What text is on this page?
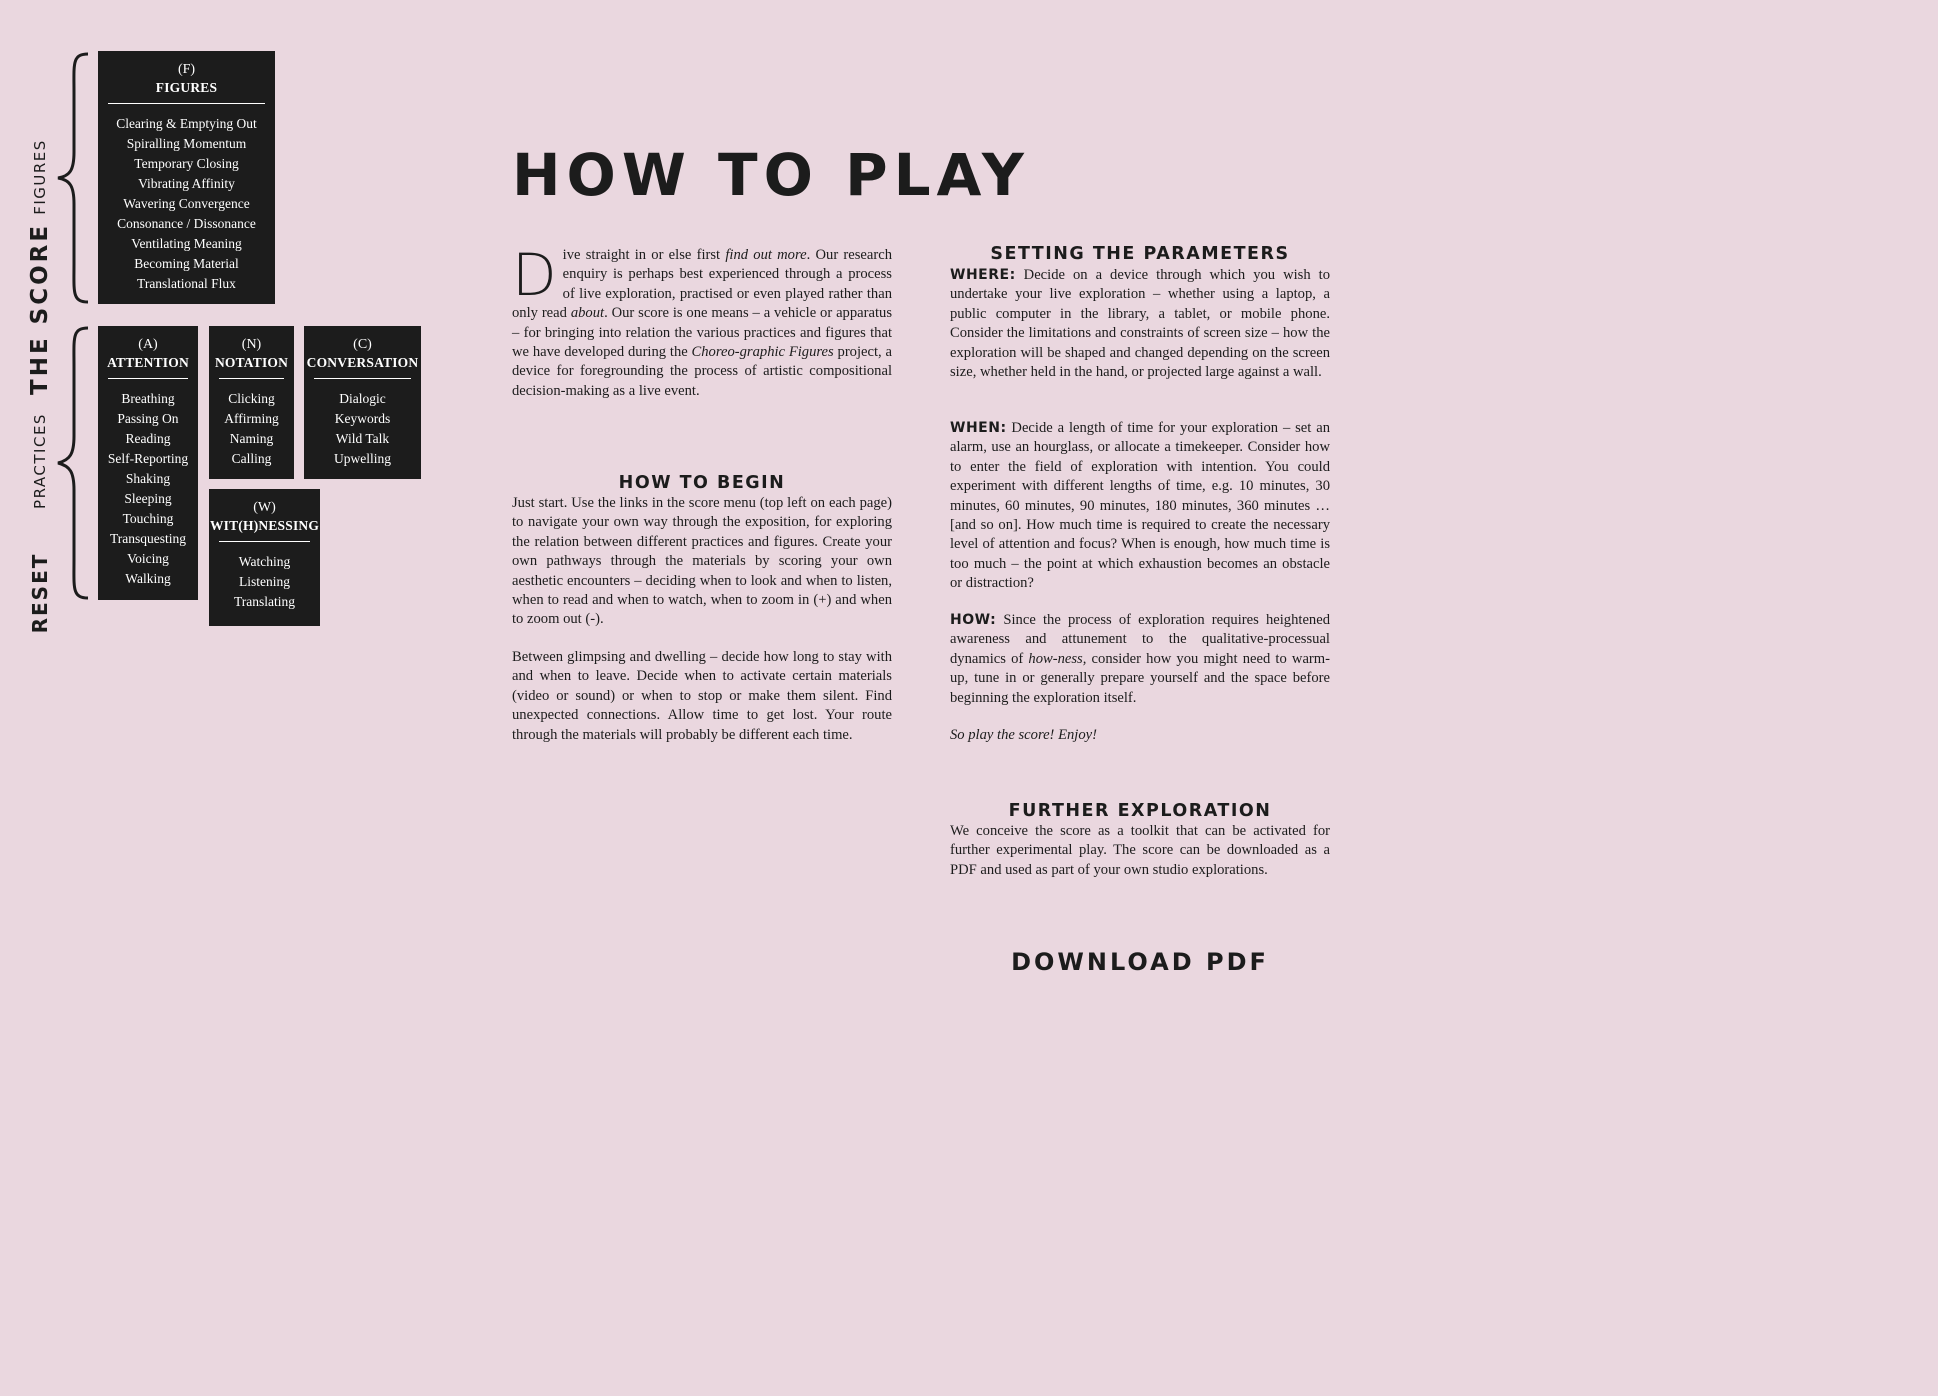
FIGURES
THE SCORE
PRACTICES
RESET
(F)
FIGURES
Clearing & Emptying Out
Spiralling Momentum
Temporary Closing
Vibrating Affinity
Wavering Convergence
Consonance / Dissonance
Ventilating Meaning
Becoming Material
Translational Flux
(A)
ATTENTION
Breathing
Passing On
Reading
Self-Reporting
Shaking
Sleeping
Touching
Transquesting
Voicing
Walking
(N)
NOTATION
Clicking
Affirming
Naming
Calling
(C)
CONVERSATION
Dialogic
Keywords
Wild Talk
Upwelling
(W)
WIT(H)NESSING
Watching
Listening
Translating
HOW TO PLAY

Dive straight in or else first find out more. Our research enquiry is perhaps best experienced through a process of live exploration, practised or even played rather than only read about. Our score is one means – a vehicle or apparatus – for bringing into relation the various practices and figures that we have developed during the Choreo-graphic Figures project, a device for foregrounding the process of artistic compositional decision-making as a live event.

HOW TO BEGIN

Just start. Use the links in the score menu (top left on each page) to navigate your own way through the exposition, for exploring the relation between different practices and figures. Create your own pathways through the materials by scoring your own aesthetic encounters – deciding when to look and when to listen, when to read and when to watch, when to zoom in (+) and when to zoom out (-).

Between glimpsing and dwelling – decide how long to stay with and when to leave. Decide when to activate certain materials (video or sound) or when to stop or make them silent. Find unexpected connections. Allow time to get lost. Your route through the materials will probably be different each time.

SETTING THE PARAMETERS

WHERE: Decide on a device through which you wish to undertake your live exploration – whether using a laptop, a public computer in the library, a tablet, or mobile phone. Consider the limitations and constraints of screen size – how the exploration will be shaped and changed depending on the screen size, whether held in the hand, or projected large against a wall.

WHEN: Decide a length of time for your exploration – set an alarm, use an hourglass, or allocate a timekeeper. Consider how to enter the field of exploration with intention. You could experiment with different lengths of time, e.g. 10 minutes, 30 minutes, 60 minutes, 90 minutes, 180 minutes, 360 minutes … [and so on]. How much time is required to create the necessary level of attention and focus? When is enough, how much time is too much – the point at which exhaustion becomes an obstacle or distraction?

HOW: Since the process of exploration requires heightened awareness and attunement to the qualitative-processual dynamics of how-ness, consider how you might need to warm-up, tune in or generally prepare yourself and the space before beginning the exploration itself.

So play the score! Enjoy!

FURTHER EXPLORATION

We conceive the score as a toolkit that can be activated for further experimental play. The score can be downloaded as a PDF and used as part of your own studio explorations.

DOWNLOAD PDF
